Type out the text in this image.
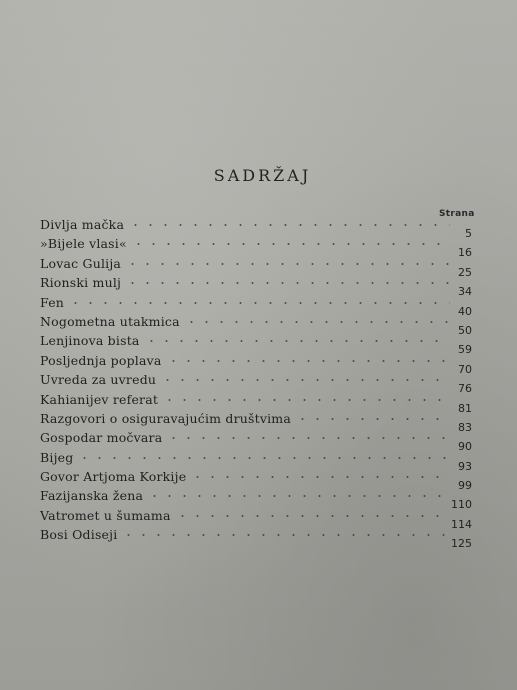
SADRŽAJ
Strana
Divlja mačka
5
»Bijele vlasi«
16
Lovac Gulija
25
Rionski mulj
34
Fen
40
Nogometna utakmica
50
Lenjinova bista
59
Posljednja poplava
70
Uvreda za uvredu
76
Kahianijev referat
81
Razgovori o osiguravajućim društvima
83
Gospodar močvara
90
Bijeg
93
Govor Artjoma Korkije
99
Fazijanska žena
110
Vatromet u šumama
114
Bosi Odiseji
125
